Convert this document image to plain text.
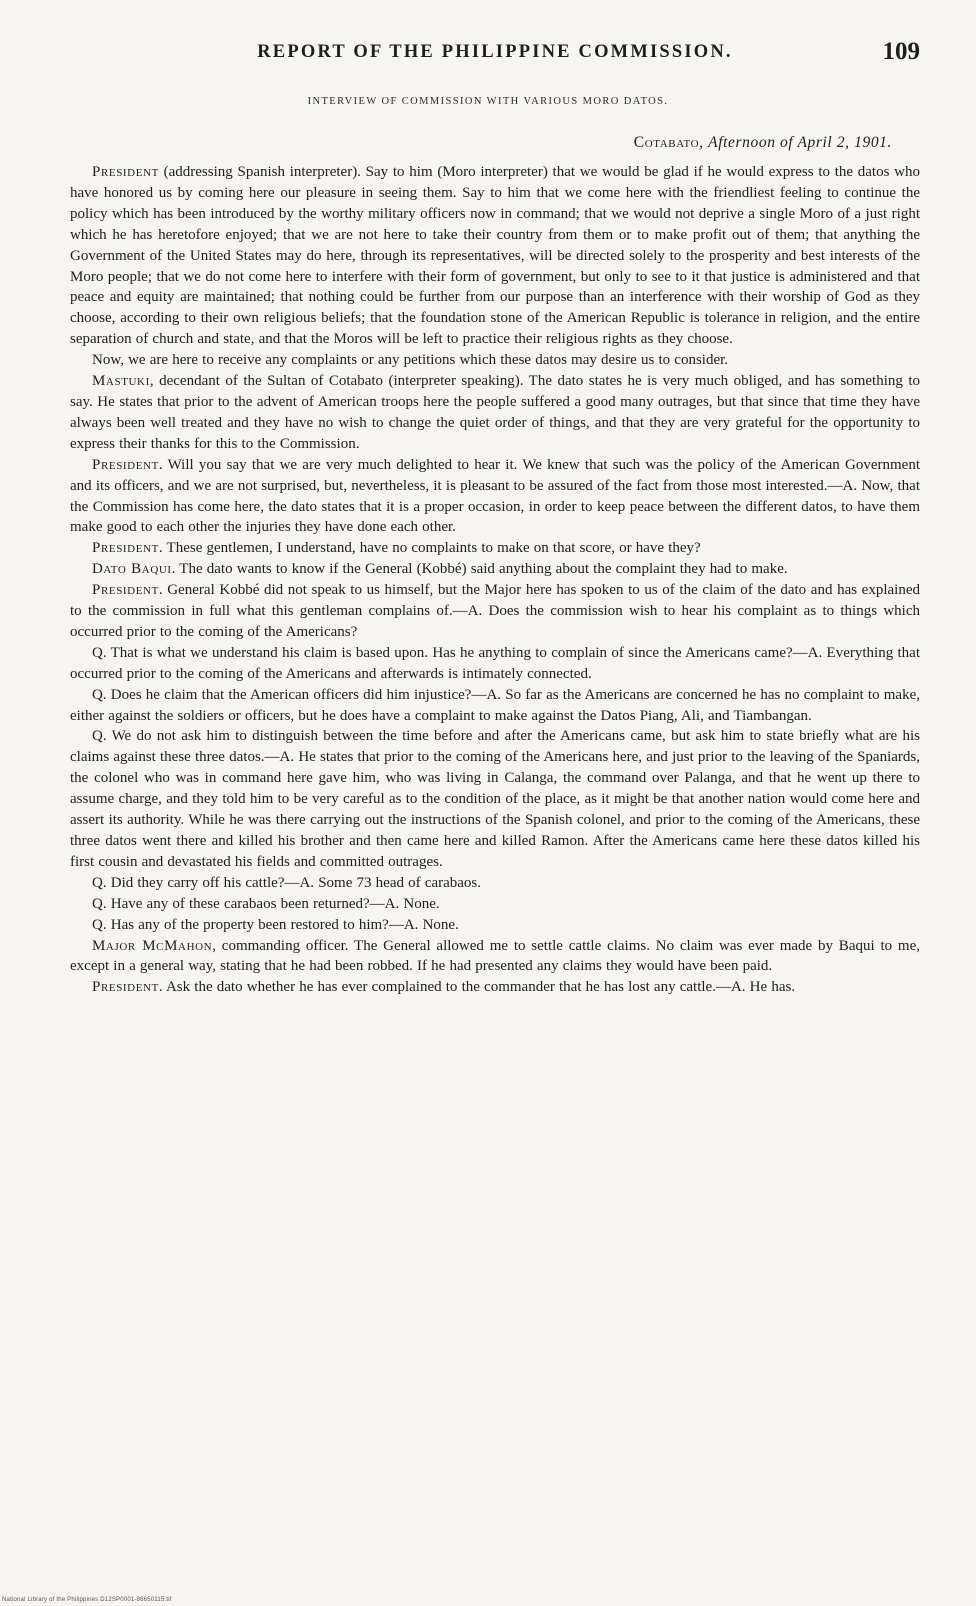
REPORT OF THE PHILIPPINE COMMISSION.	109
INTERVIEW OF COMMISSION WITH VARIOUS MORO DATOS.
Cotabato, Afternoon of April 2, 1901.

President (addressing Spanish interpreter). Say to him (Moro interpreter) that we would be glad if he would express to the datos who have honored us by coming here our pleasure in seeing them. Say to him that we come here with the friendliest feeling to continue the policy which has been introduced by the worthy military officers now in command; that we would not deprive a single Moro of a just right which he has heretofore enjoyed; that we are not here to take their country from them or to make profit out of them; that anything the Government of the United States may do here, through its representatives, will be directed solely to the prosperity and best interests of the Moro people; that we do not come here to interfere with their form of government, but only to see to it that justice is administered and that peace and equity are maintained; that nothing could be further from our purpose than an interference with their worship of God as they choose, according to their own religious beliefs; that the foundation stone of the American Republic is tolerance in religion, and the entire separation of church and state, and that the Moros will be left to practice their religious rights as they choose.

Now, we are here to receive any complaints or any petitions which these datos may desire us to consider.

Mastuki, decendant of the Sultan of Cotabato (interpreter speaking). The dato states he is very much obliged, and has something to say. He states that prior to the advent of American troops here the people suffered a good many outrages, but that since that time they have always been well treated and they have no wish to change the quiet order of things, and that they are very grateful for the opportunity to express their thanks for this to the Commission.

President. Will you say that we are very much delighted to hear it. We knew that such was the policy of the American Government and its officers, and we are not surprised, but, nevertheless, it is pleasant to be assured of the fact from those most interested.—A. Now, that the Commission has come here, the dato states that it is a proper occasion, in order to keep peace between the different datos, to have them make good to each other the injuries they have done each other.

President. These gentlemen, I understand, have no complaints to make on that score, or have they?

Dato Baqui. The dato wants to know if the General (Kobbé) said anything about the complaint they had to make.

President. General Kobbé did not speak to us himself, but the Major here has spoken to us of the claim of the dato and has explained to the commission in full what this gentleman complains of.—A. Does the commission wish to hear his complaint as to things which occurred prior to the coming of the Americans?

Q. That is what we understand his claim is based upon. Has he anything to complain of since the Americans came?—A. Everything that occurred prior to the coming of the Americans and afterwards is intimately connected.

Q. Does he claim that the American officers did him injustice?—A. So far as the Americans are concerned he has no complaint to make, either against the soldiers or officers, but he does have a complaint to make against the Datos Piang, Ali, and Tiambangan.

Q. We do not ask him to distinguish between the time before and after the Americans came, but ask him to state briefly what are his claims against these three datos.—A. He states that prior to the coming of the Americans here, and just prior to the leaving of the Spaniards, the colonel who was in command here gave him, who was living in Calanga, the command over Palanga, and that he went up there to assume charge, and they told him to be very careful as to the condition of the place, as it might be that another nation would come here and assert its authority. While he was there carrying out the instructions of the Spanish colonel, and prior to the coming of the Americans, these three datos went there and killed his brother and then came here and killed Ramon. After the Americans came here these datos killed his first cousin and devastated his fields and committed outrages.

Q. Did they carry off his cattle?—A. Some 73 head of carabaos.

Q. Have any of these carabaos been returned?—A. None.

Q. Has any of the property been restored to him?—A. None.

Major McMahon, commanding officer. The General allowed me to settle cattle claims. No claim was ever made by Baqui to me, except in a general way, stating that he had been robbed. If he had presented any claims they would have been paid.

President. Ask the dato whether he has ever complained to the commander that he has lost any cattle.—A. He has.

National Library of the Philippines D12SP0001-86650115.tif
